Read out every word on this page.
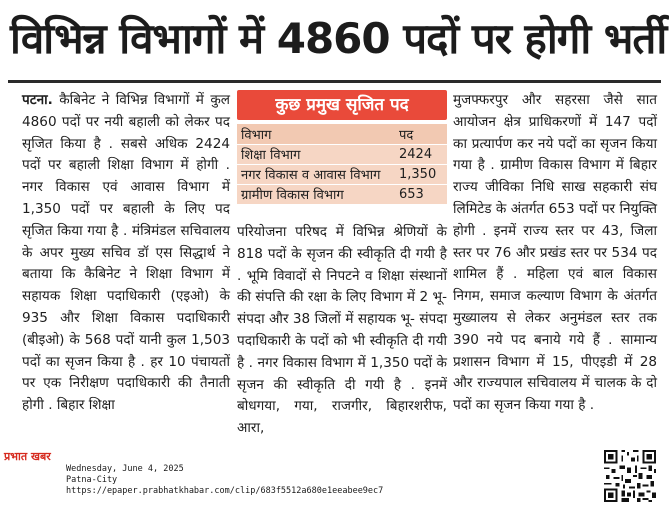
विभिन्न विभागों में 4860 पदों पर होगी भर्ती

पटना. कैबिनेट ने विभिन्न विभागों में कुल 4860 पदों पर नयी बहाली को लेकर पद सृजित किया है . सबसे अधिक 2424 पदों पर बहाली शिक्षा विभाग में होगी . नगर विकास एवं आवास विभाग में 1,350 पदों पर बहाली के लिए पद सृजित किया गया है . मंत्रिमंडल सचिवालय के अपर मुख्य सचिव डॉ एस सिद्धार्थ ने बताया कि कैबिनेट ने शिक्षा विभाग में सहायक शिक्षा पदाधिकारी (एइओ) के 935 और शिक्षा विकास पदाधिकारी (बीइओ) के 568 पदों यानी कुल 1,503 पदों का सृजन किया है . हर 10 पंचायतों पर एक निरीक्षण पदाधिकारी की तैनाती होगी . बिहार शिक्षा

कुछ प्रमुख सृजित पद
विभाग	पद
शिक्षा विभाग	2424
नगर विकास व आवास विभाग	1,350
ग्रामीण विकास विभाग	653

परियोजना परिषद में विभिन्न श्रेणियों के 818 पदों के सृजन की स्वीकृति दी गयी है . भूमि विवादों से निपटने व शिक्षा संस्थानों की संपत्ति की रक्षा के लिए विभाग में 2 भू- संपदा और 38 जिलों में सहायक भू- संपदा पदाधिकारी के पदों को भी स्वीकृति दी गयी है . नगर विकास विभाग में 1,350 पदों के सृजन की स्वीकृति दी गयी है . इनमें बोधगया, गया, राजगीर, बिहारशरीफ, आरा,

मुजफ्फरपुर और सहरसा जैसे सात आयोजन क्षेत्र प्राधिकरणों में 147 पदों का प्रत्यार्पण कर नये पदों का सृजन किया गया है . ग्रामीण विकास विभाग में बिहार राज्य जीविका निधि साख सहकारी संघ लिमिटेड के अंतर्गत 653 पदों पर नियुक्ति होगी . इनमें राज्य स्तर पर 43, जिला स्तर पर 76 और प्रखंड स्तर पर 534 पद शामिल हैं . महिला एवं बाल विकास निगम, समाज कल्याण विभाग के अंतर्गत मुख्यालय से लेकर अनुमंडल स्तर तक 390 नये पद बनाये गये हैं . सामान्य प्रशासन विभाग में 15, पीएइडी में 28 और राज्यपाल सचिवालय में चालक के दो पदों का सृजन किया गया है .

प्रभात खबर
Wednesday, June 4, 2025
Patna-City
https://epaper.prabhatkhabar.com/clip/683f5512a680e1eeabee9ec7
